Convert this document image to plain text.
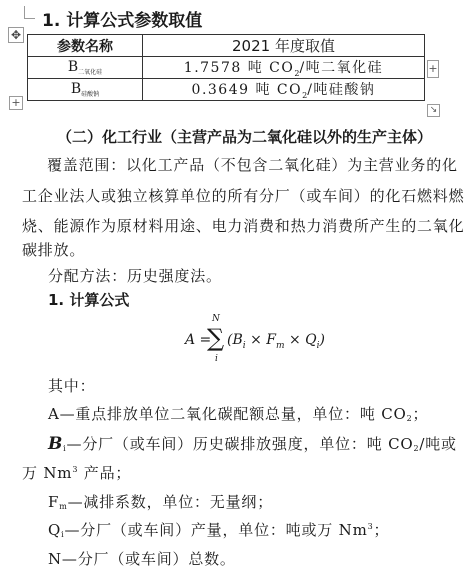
1. 计算公式参数取值
✥
参数名称	2021 年度取值
$B_{二氧化硅}$	1.7578 吨 $CO_2/$吨二氧化硅
$B_{硅酸钠}$	0.3649 吨 $CO_2/$吨硅酸钠
+
+
↘
（二）化工行业（主营产品为二氧化硅以外的生产主体）
覆盖范围：以化工产品（不包含二氧化硅）为主营业务的化
工企业法人或独立核算单位的所有分厂（或车间）的化石燃料燃
烧、能源作为原材料用途、电力消费和热力消费所产生的二氧化
碳排放。
分配方法：历史强度法。
1. 计算公式
A =
N
∑
i
$(B_i \times F_m \times Q_i)$
其中：
A—重点排放单位二氧化碳配额总量，单位：吨 $CO_2$；
$B_i—$分厂（或车间）历史碳排放强度，单位：吨 $CO_2/$吨或
万 Nm$^3$ 产品；
$F_m—$减排系数，单位：无量纲；
$Q_i—$分厂（或车间）产量，单位：吨或万 Nm$^3$；
N—分厂（或车间）总数。
